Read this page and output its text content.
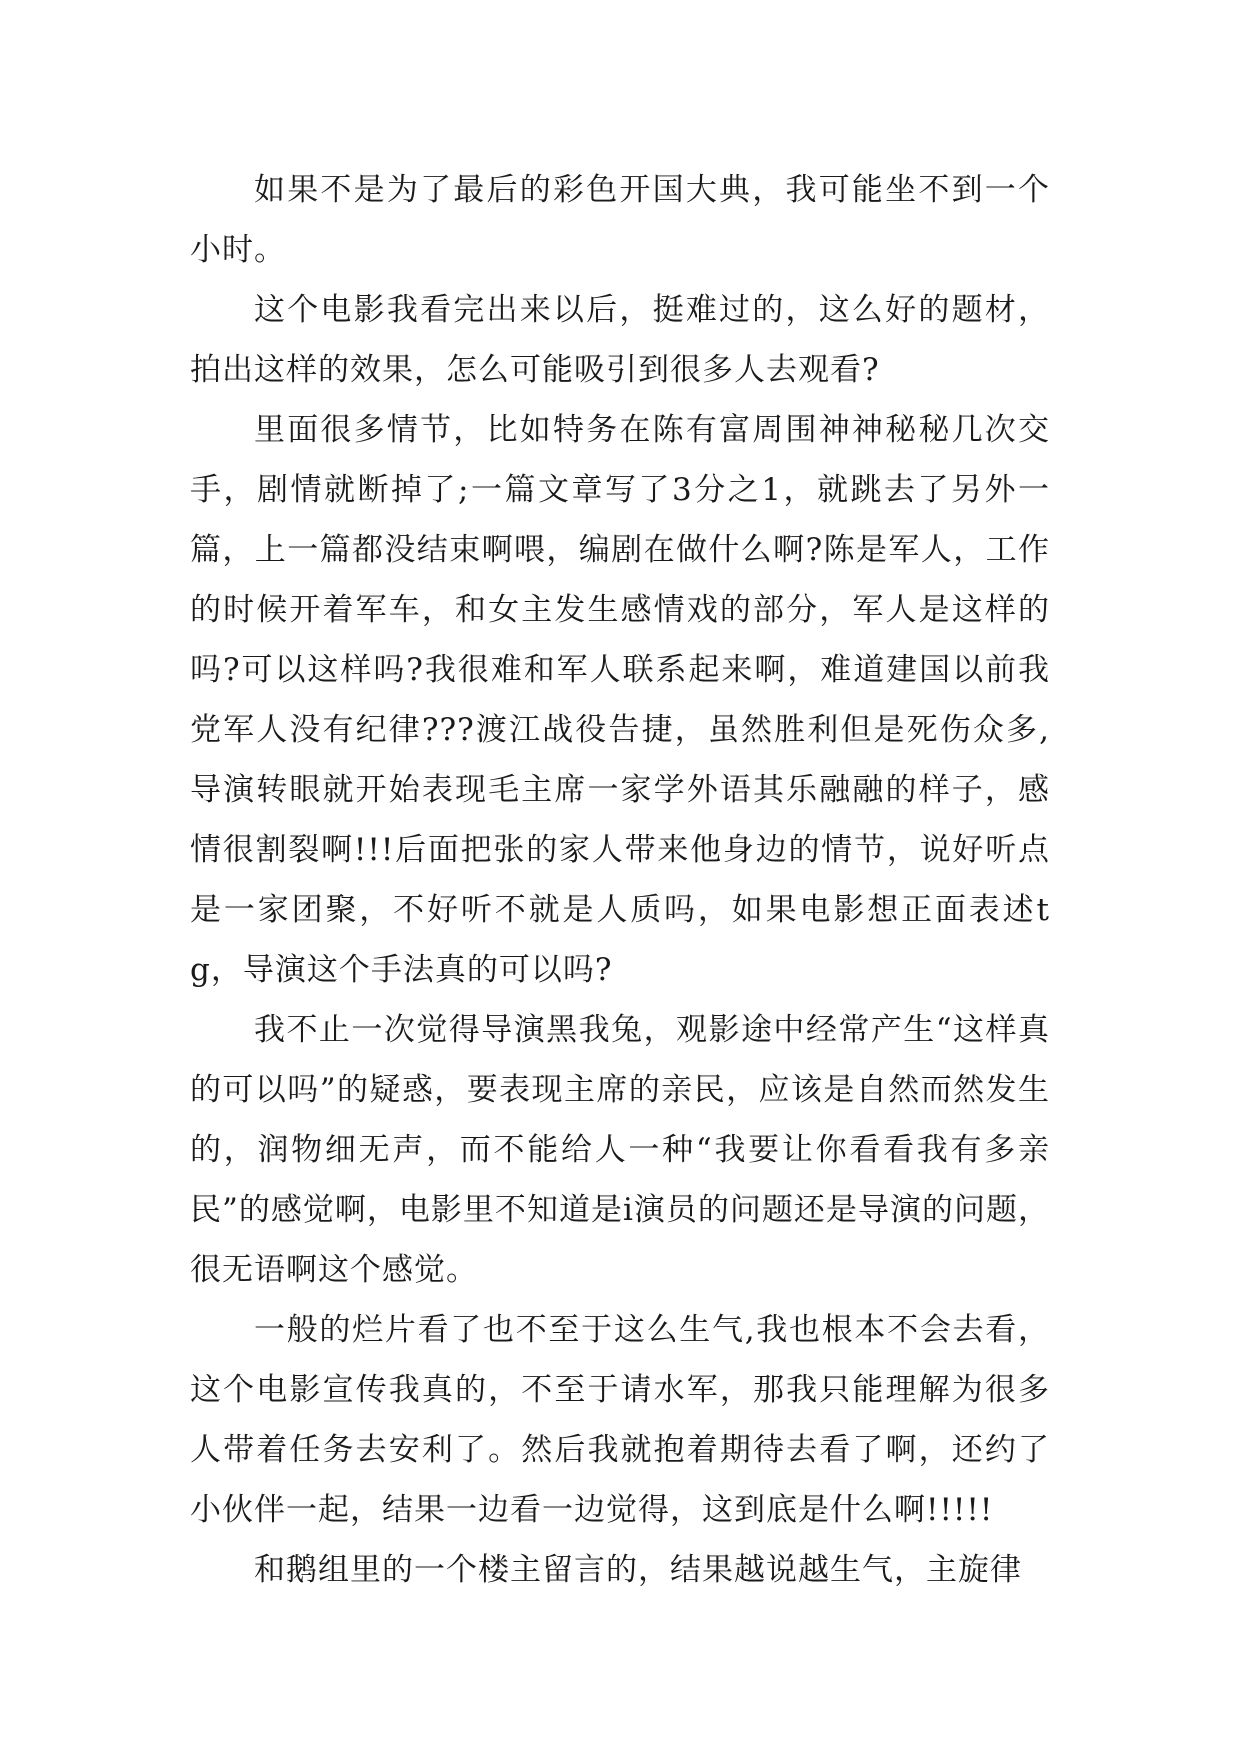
如果不是为了最后的彩色开国大典，我可能坐不到一个小时。

这个电影我看完出来以后，挺难过的，这么好的题材，拍出这样的效果，怎么可能吸引到很多人去观看?

里面很多情节，比如特务在陈有富周围神神秘秘几次交手，剧情就断掉了;一篇文章写了3分之1，就跳去了另外一篇，上一篇都没结束啊喂，编剧在做什么啊?陈是军人，工作的时候开着军车，和女主发生感情戏的部分，军人是这样的吗?可以这样吗?我很难和军人联系起来啊，难道建国以前我党军人没有纪律???渡江战役告捷，虽然胜利但是死伤众多,导演转眼就开始表现毛主席一家学外语其乐融融的样子，感情很割裂啊!!!后面把张的家人带来他身边的情节，说好听点是一家团聚，不好听不就是人质吗，如果电影想正面表述tg，导演这个手法真的可以吗?

我不止一次觉得导演黑我兔，观影途中经常产生“这样真的可以吗”的疑惑，要表现主席的亲民，应该是自然而然发生的，润物细无声，而不能给人一种“我要让你看看我有多亲民”的感觉啊，电影里不知道是i演员的问题还是导演的问题，很无语啊这个感觉。

一般的烂片看了也不至于这么生气,我也根本不会去看，这个电影宣传我真的，不至于请水军，那我只能理解为很多人带着任务去安利了。然后我就抱着期待去看了啊，还约了小伙伴一起，结果一边看一边觉得，这到底是什么啊!!!!!

和鹅组里的一个楼主留言的，结果越说越生气，主旋律
